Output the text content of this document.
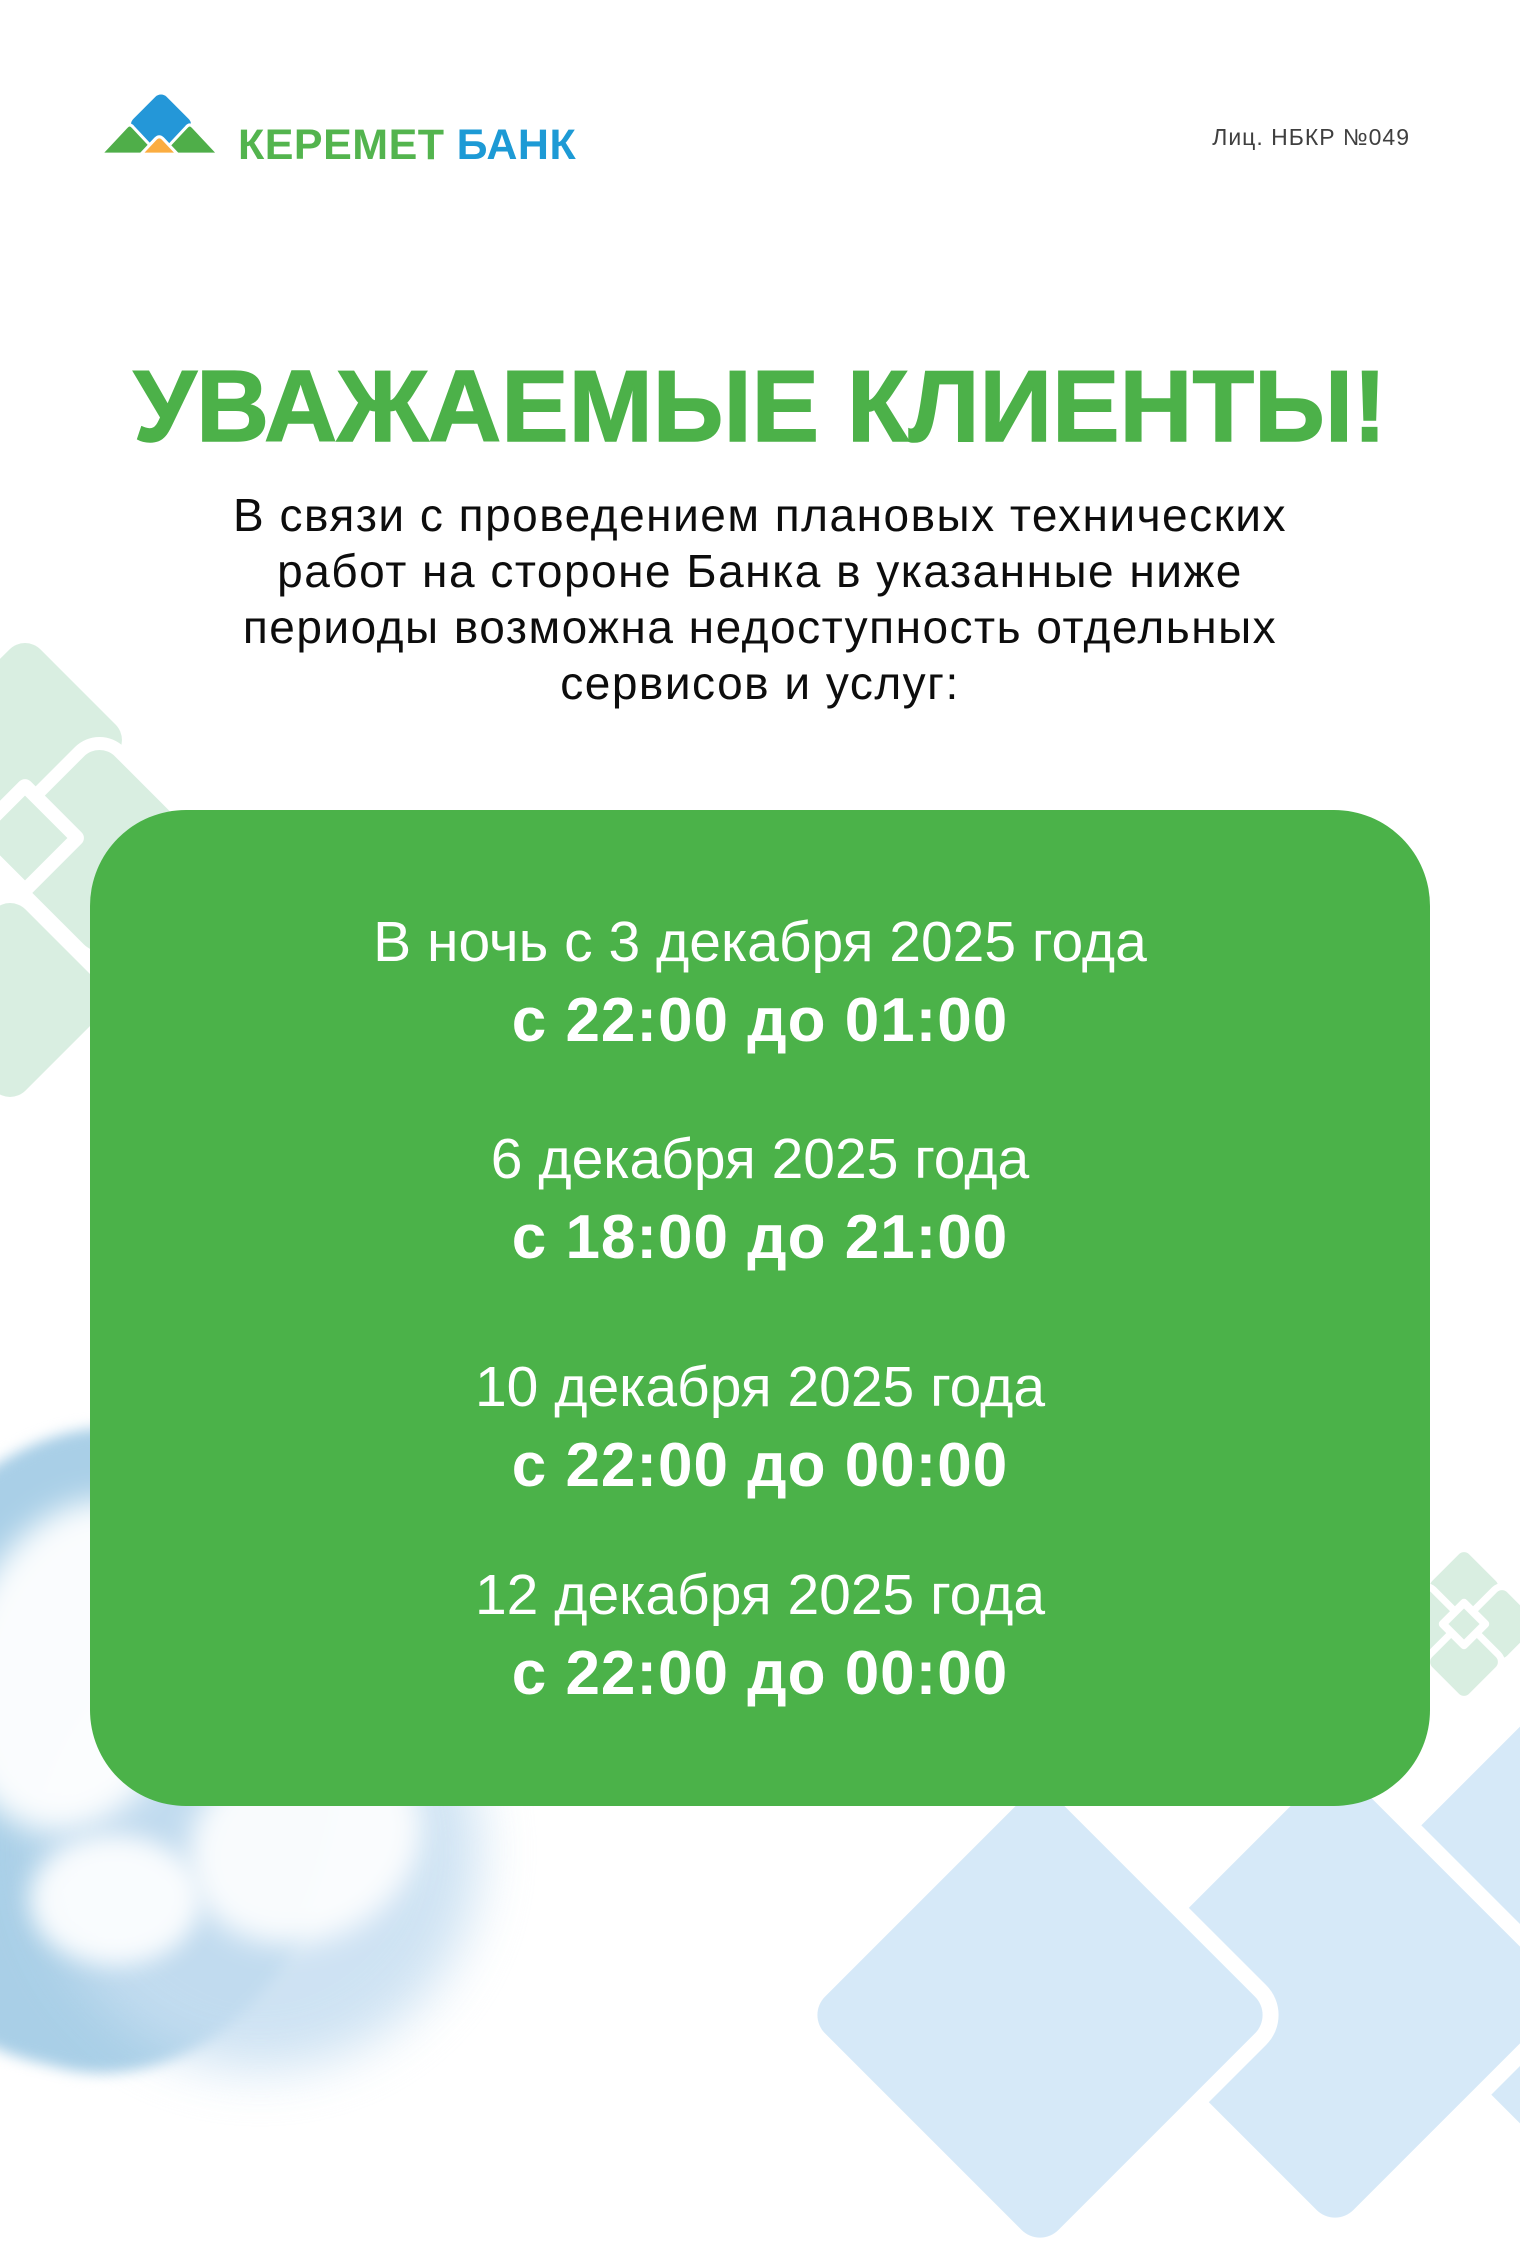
КЕРЕМЕТ БАНК	Лиц. НБКР №049
УВАЖАЕМЫЕ КЛИЕНТЫ!
В связи с проведением плановых технических
работ на стороне Банка в указанные ниже
периоды возможна недоступность отдельных
сервисов и услуг:
В ночь с 3 декабря 2025 года
с 22:00 до 01:00
6 декабря 2025 года
с 18:00 до 21:00
10 декабря 2025 года
с 22:00 до 00:00
12 декабря 2025 года
с 22:00 до 00:00
